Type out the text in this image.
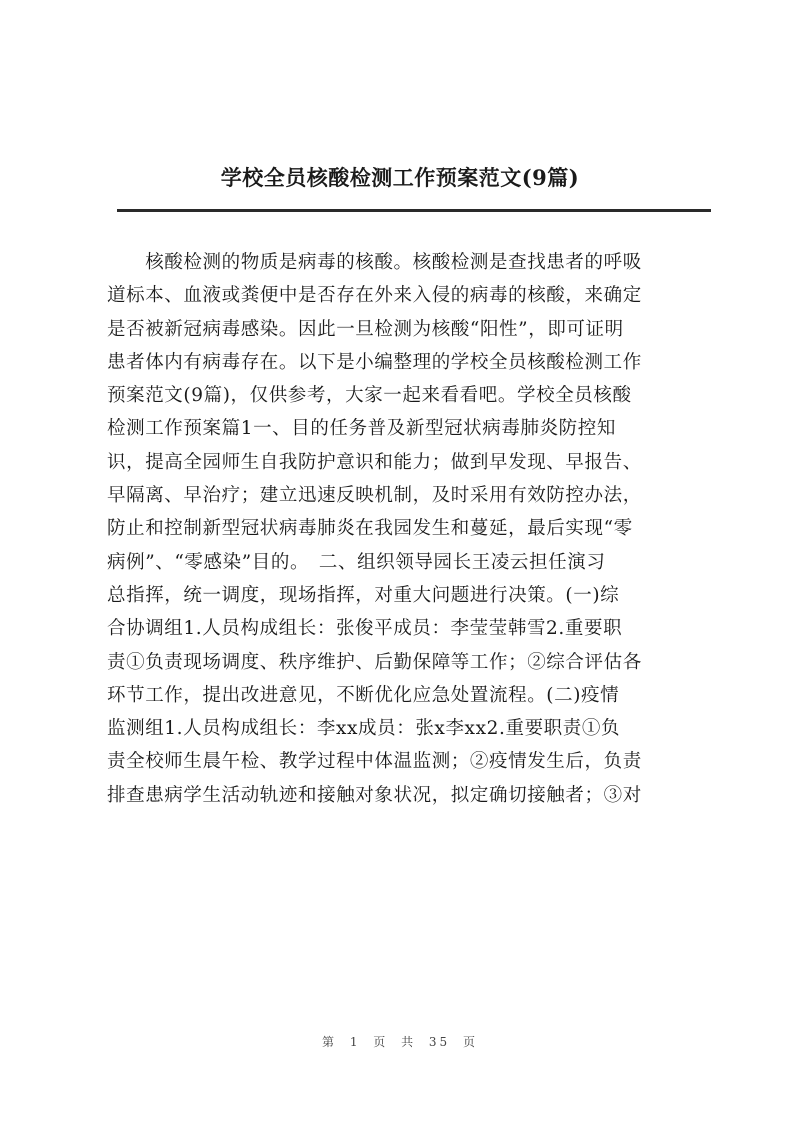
学校全员核酸检测工作预案范文(9篇)
　　核酸检测的物质是病毒的核酸。核酸检测是查找患者的呼吸
道标本、血液或粪便中是否存在外来入侵的病毒的核酸，来确定
是否被新冠病毒感染。因此一旦检测为核酸“阳性”，即可证明
患者体内有病毒存在。以下是小编整理的学校全员核酸检测工作
预案范文(9篇)，仅供参考，大家一起来看看吧。学校全员核酸
检测工作预案篇1一、目的任务普及新型冠状病毒肺炎防控知
识，提高全园师生自我防护意识和能力；做到早发现、早报告、
早隔离、早治疗；建立迅速反映机制，及时采用有效防控办法，
防止和控制新型冠状病毒肺炎在我园发生和蔓延，最后实现“零
病例”、“零感染”目的。　二、组织领导园长王凌云担任演习
总指挥，统一调度，现场指挥，对重大问题进行决策。(一)综
合协调组1.人员构成组长：张俊平成员：李莹莹韩雪2.重要职
责①负责现场调度、秩序维护、后勤保障等工作；②综合评估各
环节工作，提出改进意见，不断优化应急处置流程。(二)疫情
监测组1.人员构成组长：李xx成员：张x李xx2.重要职责①负
责全校师生晨午检、教学过程中体温监测；②疫情发生后，负责
排查患病学生活动轨迹和接触对象状况，拟定确切接触者；③对
第 1 页 共 35 页
